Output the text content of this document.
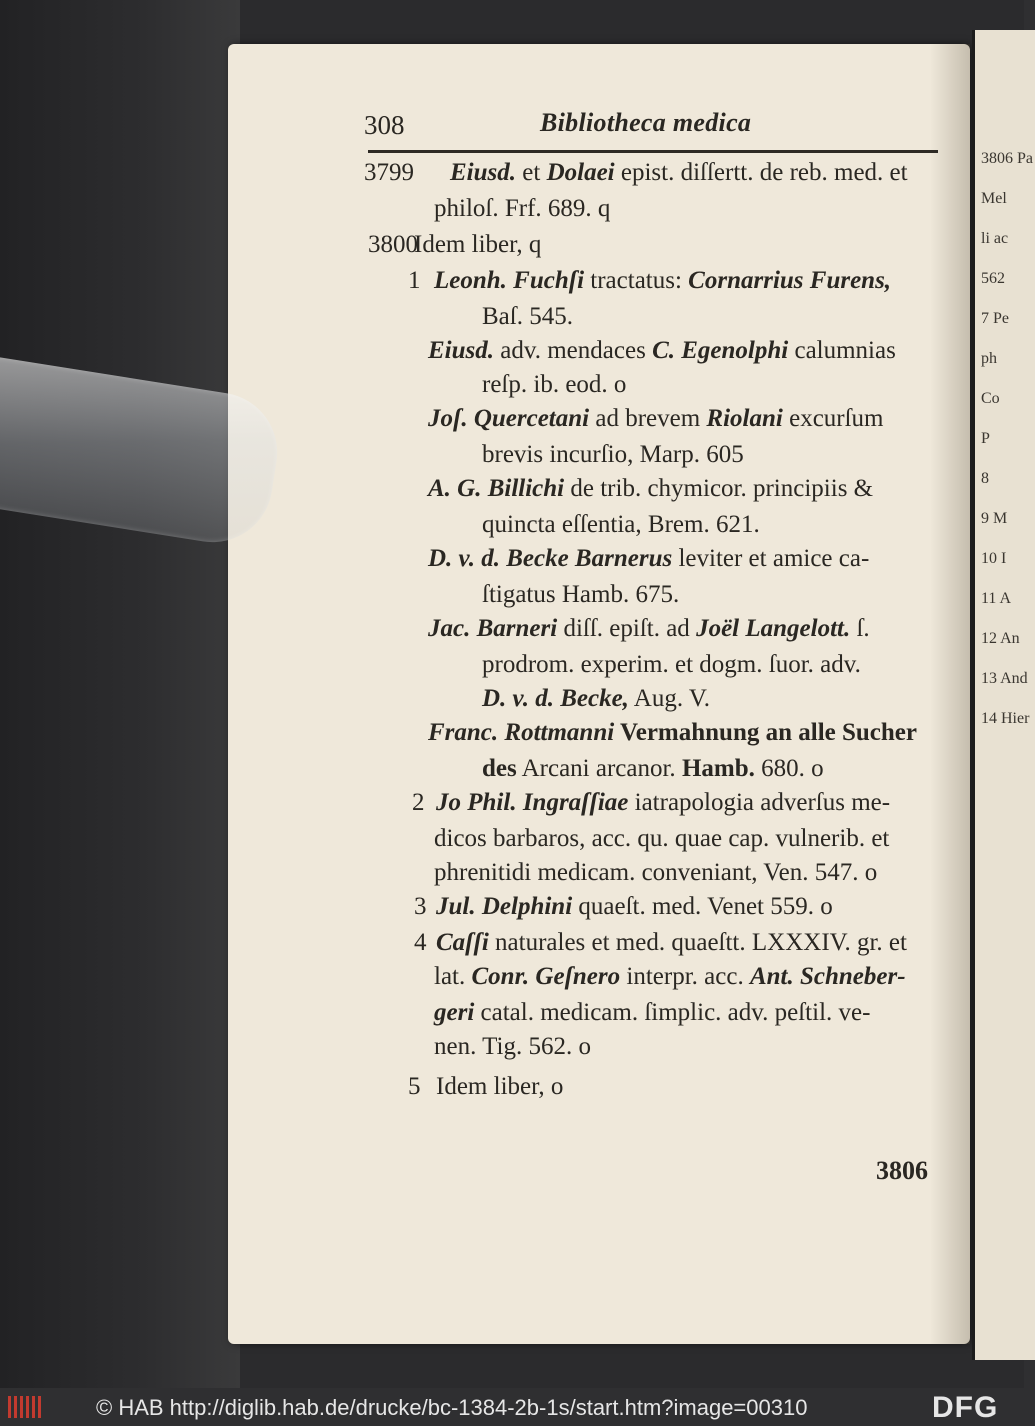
308	Bibliotheca medica
3799 Eiusd. et Dolaei epist. diſſertt. de reb. med. et
philoſ. Frf. 689. q
3800
Idem liber, q
1 Leonh. Fuchſi tractatus: Cornarrius Furens,
Baſ. 545.
Eiusd. adv. mendaces C. Egenolphi calumnias
reſp. ib. eod. o
Joſ. Quercetani ad brevem Riolani excurſum
brevis incurſio, Marp. 605
A. G. Billichi de trib. chymicor. principiis &
quincta eſſentia, Brem. 621.
D. v. d. Becke Barnerus leviter et amice ca-
ſtigatus Hamb. 675.
Jac. Barneri diſſ. epiſt. ad Joël Langelott. ſ.
prodrom. experim. et dogm. ſuor. adv.
D. v. d. Becke, Aug. V.
Franc. Rottmanni Vermahnung an alle Sucher
des Arcani arcanor. Hamb. 680. o
2 Jo Phil. Ingraſſiae iatrapologia adverſus me-
dicos barbaros, acc. qu. quae cap. vulnerib. et
phrenitidi medicam. conveniant, Ven. 547. o
3 Jul. Delphini quaeſt. med. Venet 559. o
4 Caſſi naturales et med. quaeſtt. LXXXIV. gr. et
lat. Conr. Geſnero interpr. acc. Ant. Schneber-
geri catal. medicam. ſimplic. adv. peſtil. ve-
nen. Tig. 562. o
5 Idem liber, o
3806
3806 Pa
Mel
li ac
562
7 Pe
ph
Co
P
8
9 M
10 I
11 A
12 An
13 And
14 Hier
© HAB http://diglib.hab.de/drucke/bc-1384-2b-1s/start.htm?image=00310	DFG
